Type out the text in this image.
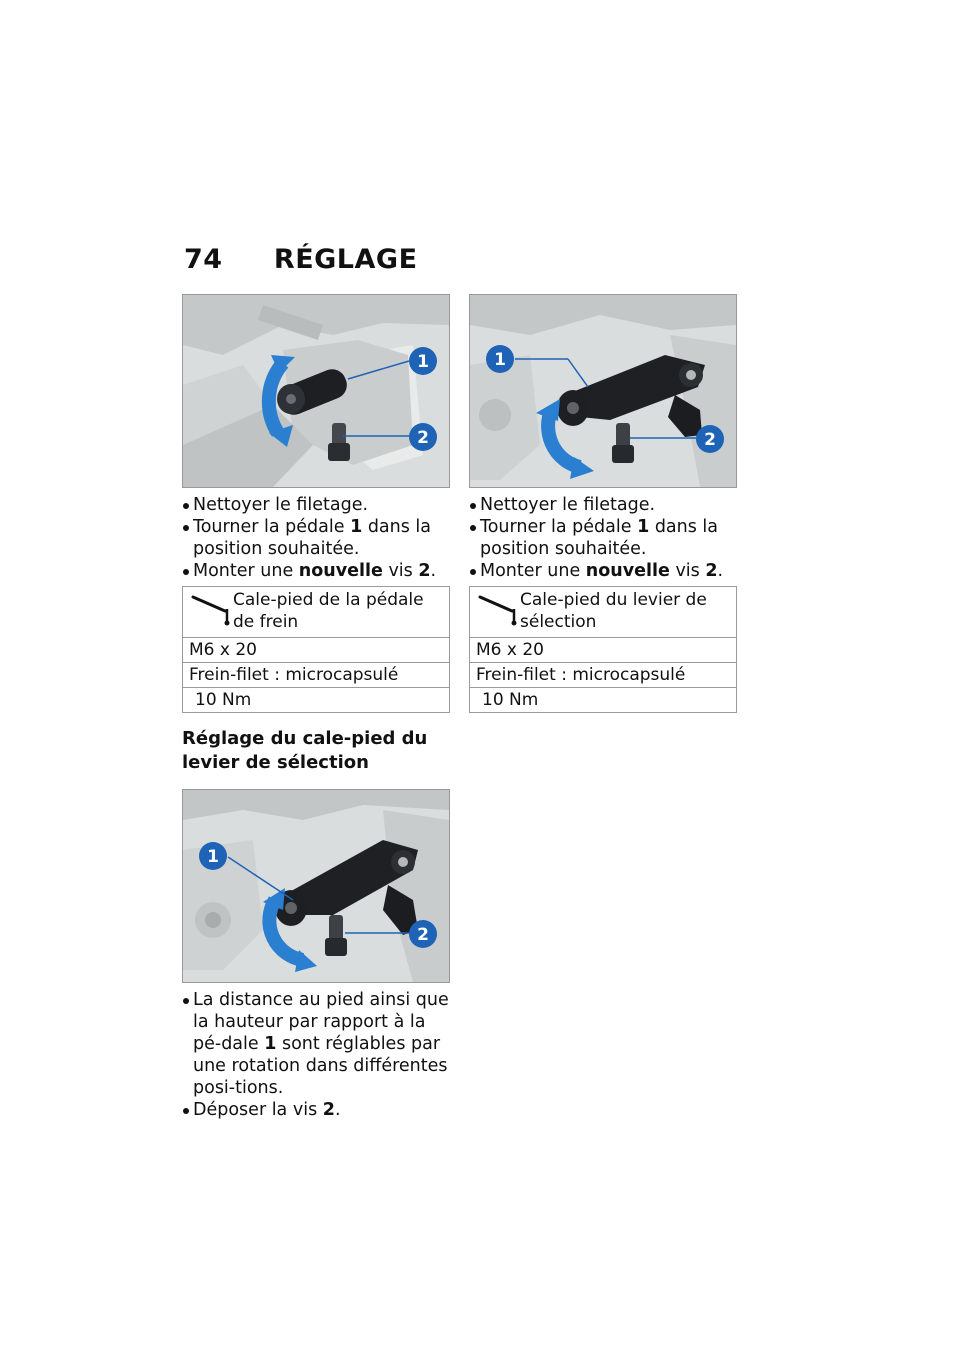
74 RÉGLAGE
1
2
Nettoyer le filetage.
Tourner la pédale 1 dans la position souhaitée.
Monter une nouvelle vis 2.
Cale-pied de la pédale de frein
M6 x 20
Frein-filet : microcapsulé
10 Nm
Réglage du cale-pied du levier de sélection
1
2
La distance au pied ainsi que la hauteur par rapport à la pé-dale 1 sont réglables par une rotation dans différentes posi-tions.
Déposer la vis 2.
1
2
Nettoyer le filetage.
Tourner la pédale 1 dans la position souhaitée.
Monter une nouvelle vis 2.
Cale-pied du levier de sélection
M6 x 20
Frein-filet : microcapsulé
10 Nm
